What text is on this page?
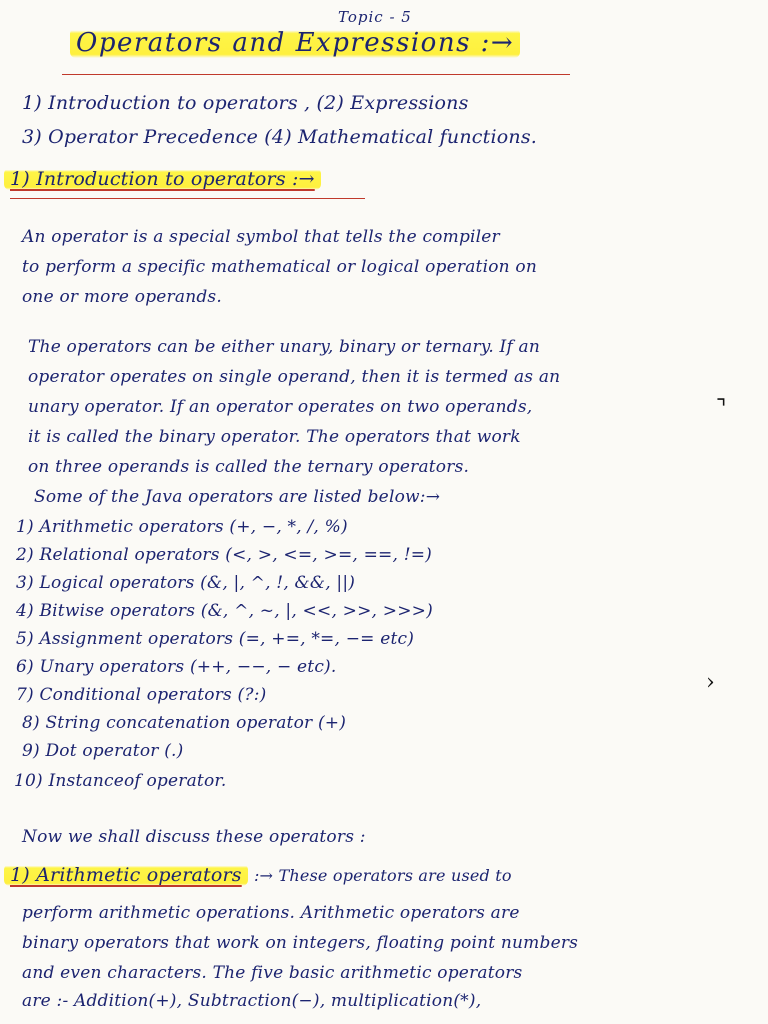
Topic - 5
Operators and Expressions :→
1) Introduction to operators , (2) Expressions
3) Operator Precedence (4) Mathematical functions.
1) Introduction to operators :→
An operator is a special symbol that tells the compiler
to perform a specific mathematical or logical operation on
one or more operands.
The operators can be either unary, binary or ternary. If an
operator operates on single operand, then it is termed as an
unary operator. If an operator operates on two operands,
it is called the binary operator. The operators that work
on three operands is called the ternary operators.
⌝
›
Some of the Java operators are listed below:→
1) Arithmetic operators (+, −, *, /, %)
2) Relational operators (<, >, <=, >=, ==, !=)
3) Logical operators (&, |, ^, !, &&, ||)
4) Bitwise operators (&, ^, ~, |, <<, >>, >>>)
5) Assignment operators (=, +=, *=, −= etc)
6) Unary operators (++, −−, − etc).
7) Conditional operators (?:)
8) String concatenation operator (+)
9) Dot operator (.)
10) Instanceof operator.
Now we shall discuss these operators :
1) Arithmetic operators :→ These operators are used to
perform arithmetic operations. Arithmetic operators are
binary operators that work on integers, floating point numbers
and even characters. The five basic arithmetic operators
are :- Addition(+), Subtraction(−), multiplication(*),
